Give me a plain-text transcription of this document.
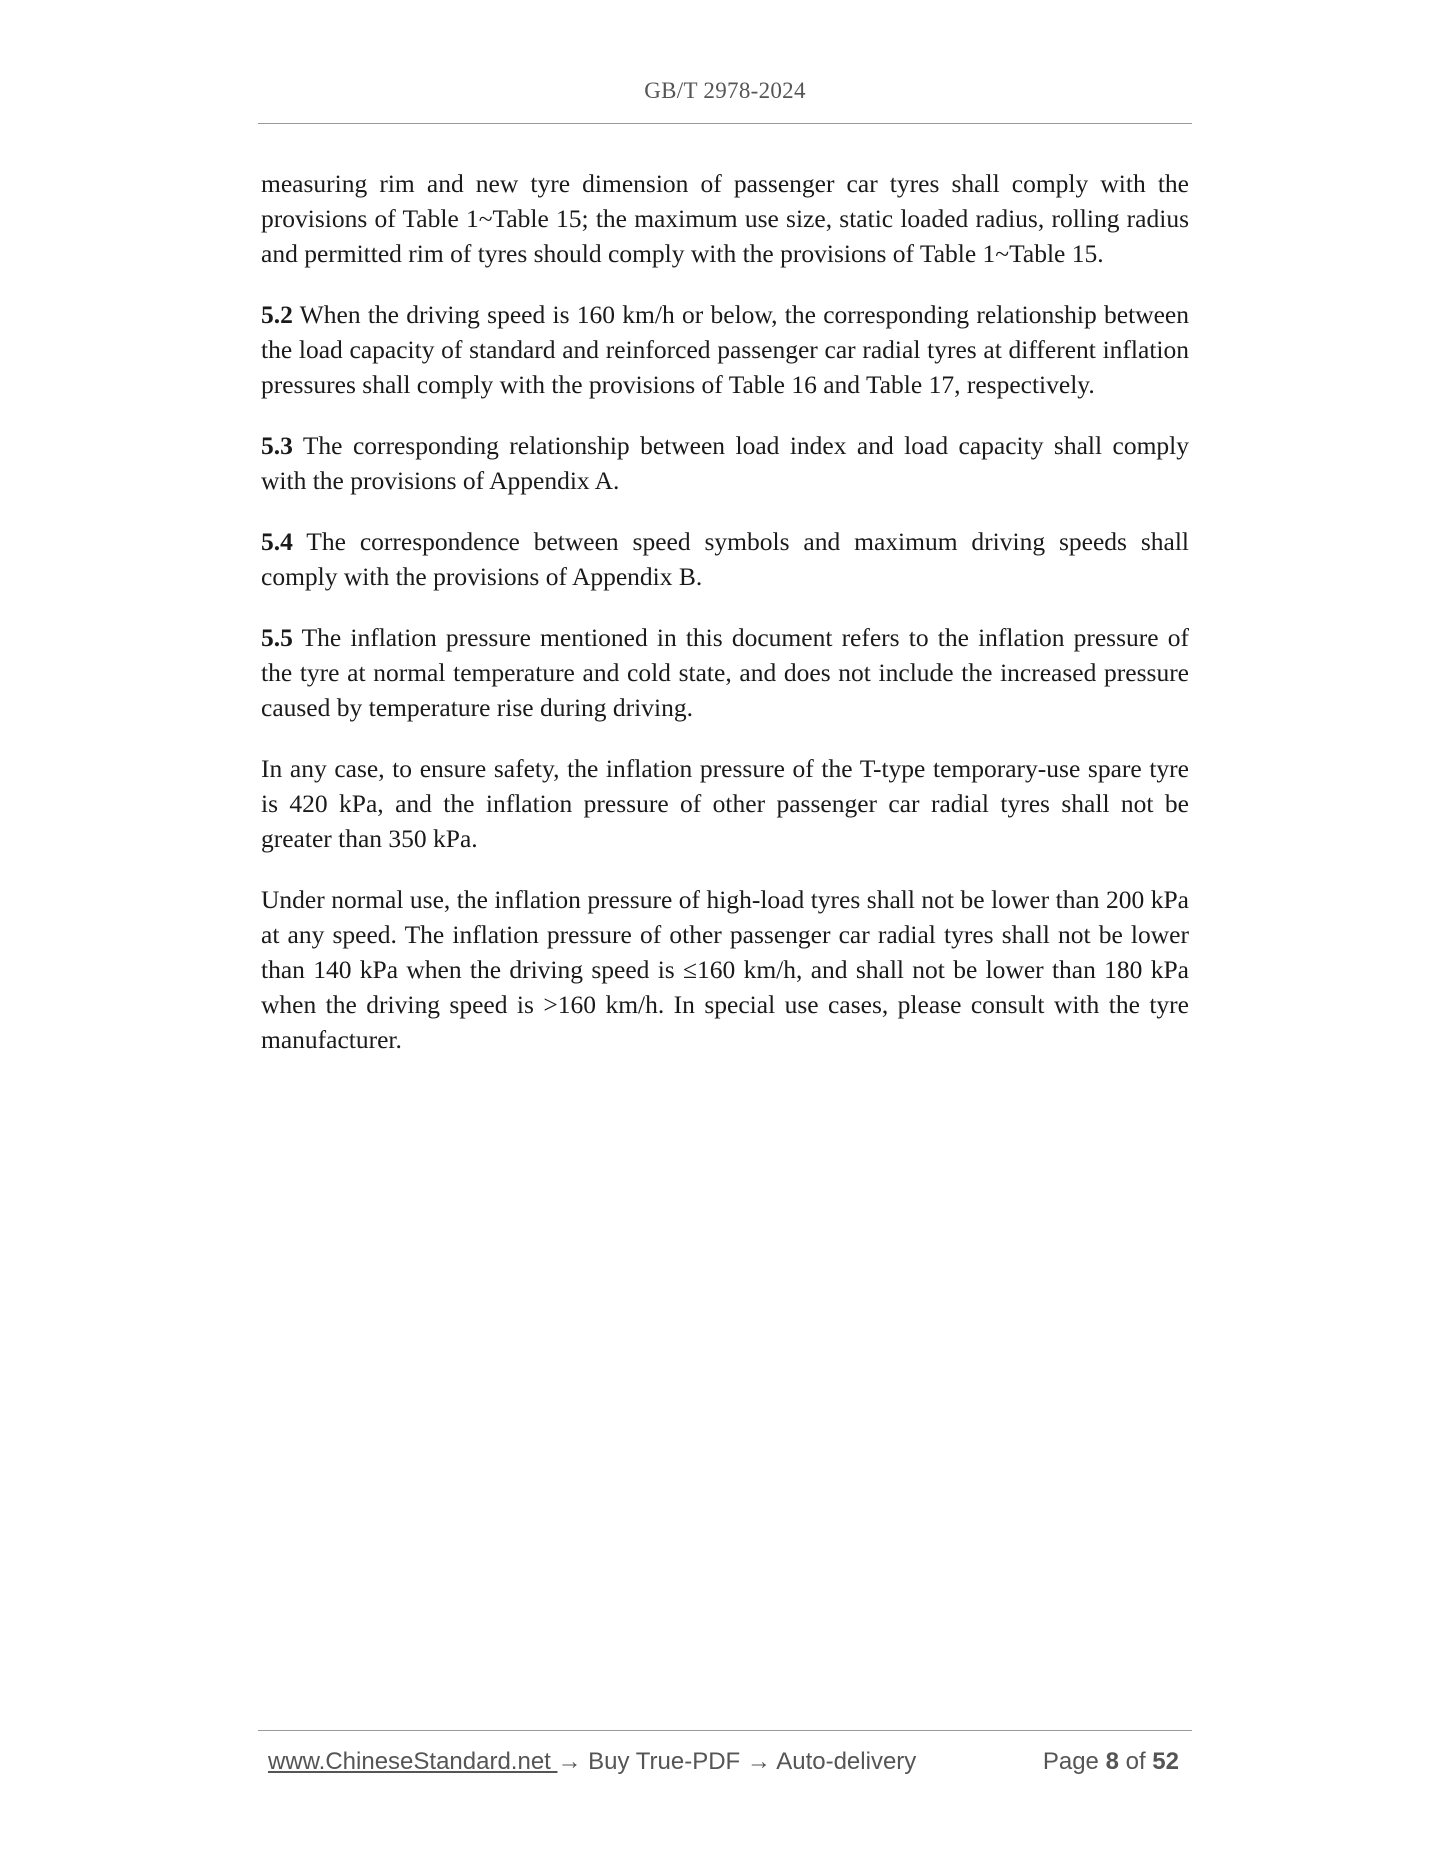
GB/T 2978-2024

measuring rim and new tyre dimension of passenger car tyres shall comply with the provisions of Table 1~Table 15; the maximum use size, static loaded radius, rolling radius and permitted rim of tyres should comply with the provisions of Table 1~Table 15.

5.2 When the driving speed is 160 km/h or below, the corresponding relationship between the load capacity of standard and reinforced passenger car radial tyres at different inflation pressures shall comply with the provisions of Table 16 and Table 17, respectively.

5.3 The corresponding relationship between load index and load capacity shall comply with the provisions of Appendix A.

5.4 The correspondence between speed symbols and maximum driving speeds shall comply with the provisions of Appendix B.

5.5 The inflation pressure mentioned in this document refers to the inflation pressure of the tyre at normal temperature and cold state, and does not include the increased pressure caused by temperature rise during driving.

In any case, to ensure safety, the inflation pressure of the T-type temporary-use spare tyre is 420 kPa, and the inflation pressure of other passenger car radial tyres shall not be greater than 350 kPa.

Under normal use, the inflation pressure of high-load tyres shall not be lower than 200 kPa at any speed. The inflation pressure of other passenger car radial tyres shall not be lower than 140 kPa when the driving speed is ≤160 km/h, and shall not be lower than 180 kPa when the driving speed is >160 km/h. In special use cases, please consult with the tyre manufacturer.

www.ChineseStandard.net → Buy True-PDF → Auto-delivery	Page 8 of 52
